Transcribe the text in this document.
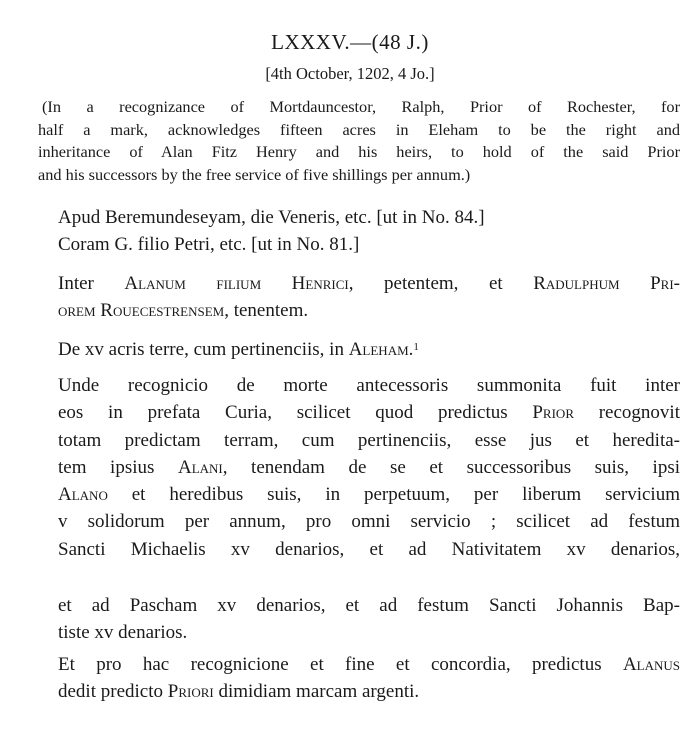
LXXXV.—(48 J.)
[4th October, 1202, 4 Jo.]
(In a recognizance of Mortdauncestor, Ralph, Prior of Rochester, for
half a mark, acknowledges fifteen acres in Eleham to be the right and
inheritance of Alan Fitz Henry and his heirs, to hold of the said Prior
and his successors by the free service of five shillings per annum.)
Apud Beremundeseyam, die Veneris, etc. [ut in No. 84.]
Coram G. filio Petri, etc. [ut in No. 81.]
Inter Alanum filium Henrici, petentem, et Radulphum Pri-
orem Rouecestrensem, tenentem.
De xv acris terre, cum pertinenciis, in Aleham.$^1$
Unde recognicio de morte antecessoris summonita fuit inter
eos in prefata Curia, scilicet quod predictus Prior recognovit
totam predictam terram, cum pertinenciis, esse jus et heredita-
tem ipsius Alani, tenendam de se et successoribus suis, ipsi
Alano et heredibus suis, in perpetuum, per liberum servicium
v solidorum per annum, pro omni servicio ; scilicet ad festum
Sancti Michaelis xv denarios, et ad Nativitatem xv denarios,
et ad Pascham xv denarios, et ad festum Sancti Johannis Bap-
tiste xv denarios.
Et pro hac recognicione et fine et concordia, predictus Alanus
dedit predicto Priori dimidiam marcam argenti.
